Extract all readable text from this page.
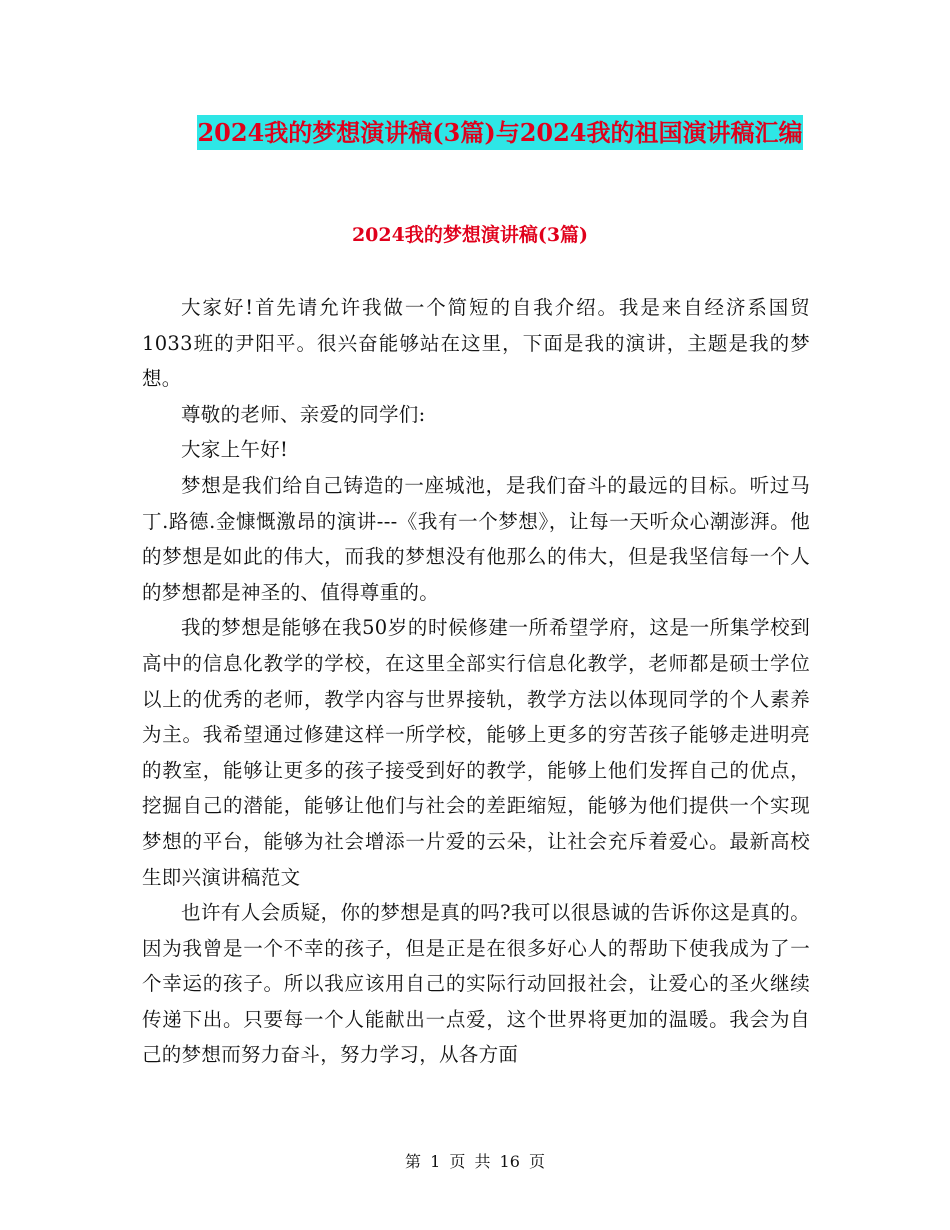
2024我的梦想演讲稿(3篇)与2024我的祖国演讲稿汇编
2024我的梦想演讲稿(3篇)

大家好!首先请允许我做一个简短的自我介绍。我是来自经济系国贸1033班的尹阳平。很兴奋能够站在这里，下面是我的演讲，主题是我的梦想。

尊敬的老师、亲爱的同学们:

大家上午好!

梦想是我们给自己铸造的一座城池，是我们奋斗的最远的目标。听过马丁.路德.金慷慨激昂的演讲---《我有一个梦想》，让每一天听众心潮澎湃。他的梦想是如此的伟大，而我的梦想没有他那么的伟大，但是我坚信每一个人的梦想都是神圣的、值得尊重的。

我的梦想是能够在我50岁的时候修建一所希望学府，这是一所集学校到高中的信息化教学的学校，在这里全部实行信息化教学，老师都是硕士学位以上的优秀的老师，教学内容与世界接轨，教学方法以体现同学的个人素养为主。我希望通过修建这样一所学校，能够上更多的穷苦孩子能够走进明亮的教室，能够让更多的孩子接受到好的教学，能够上他们发挥自己的优点，挖掘自己的潜能，能够让他们与社会的差距缩短，能够为他们提供一个实现梦想的平台，能够为社会增添一片爱的云朵，让社会充斥着爱心。最新高校生即兴演讲稿范文

也许有人会质疑，你的梦想是真的吗?我可以很恳诚的告诉你这是真的。因为我曾是一个不幸的孩子，但是正是在很多好心人的帮助下使我成为了一个幸运的孩子。所以我应该用自己的实际行动回报社会，让爱心的圣火继续传递下出。只要每一个人能献出一点爱，这个世界将更加的温暖。我会为自己的梦想而努力奋斗，努力学习，从各方面

第 1 页 共 16 页
